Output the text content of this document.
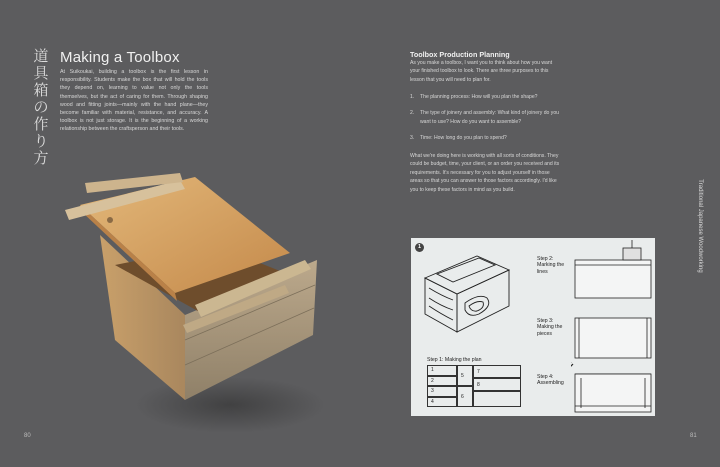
道
具
箱
の
作
り
方
Making a Toolbox
At Suikoukai, building a toolbox is the first lesson in responsibility. Students make the box that will hold the tools they depend on, learning to value not only the tools themselves, but the act of caring for them. Through shaping wood and fitting joints—mainly with the hand plane—they become familiar with material, resistance, and accuracy. A toolbox is not just storage. It is the beginning of a working relationship between the craftsperson and their tools.
80
Toolbox Production Planning
As you make a toolbox, I want you to think about how you want your finished toolbox to look. There are three purposes to this lesson that you will need to plan for.
1.	The planning process: How will you plan the shape?
2.	The type of joinery and assembly: What kind of joinery do you want to use? How do you want to assemble?
3.	Time: How long do you plan to spend?
What we're doing here is working with all sorts of conditions. They could be budget, time, your client, or an order you received and its requirements. It's necessary for you to adjust yourself in those areas so that you can answer to those factors accordingly. I'd like you to keep these factors in mind as you build.	Traditional Japanese Woodworking
1
Step 1: Making the plan
1
2
3
4
5
6
7
8
Step 2: Marking the lines
Step 3: Making the pieces
Step 4: Assembling
81
